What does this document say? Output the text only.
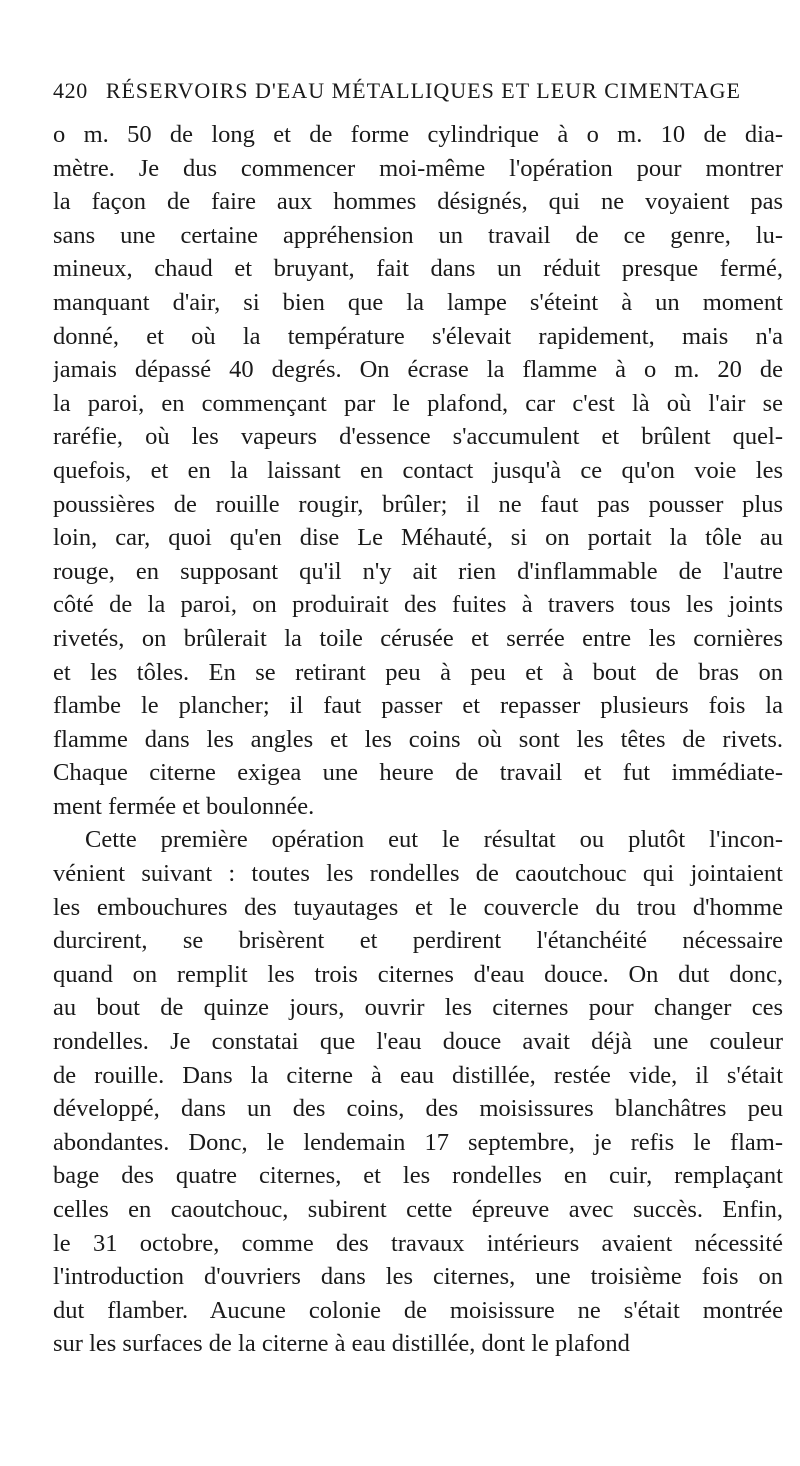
420 RÉSERVOIRS D'EAU MÉTALLIQUES ET LEUR CIMENTAGE
o m. 50 de long et de forme cylindrique à o m. 10 de dia-
mètre. Je dus commencer moi-même l'opération pour montrer
la façon de faire aux hommes désignés, qui ne voyaient pas
sans une certaine appréhension un travail de ce genre, lu-
mineux, chaud et bruyant, fait dans un réduit presque fermé,
manquant d'air, si bien que la lampe s'éteint à un moment
donné, et où la température s'élevait rapidement, mais n'a
jamais dépassé 40 degrés. On écrase la flamme à o m. 20 de
la paroi, en commençant par le plafond, car c'est là où l'air se
raréfie, où les vapeurs d'essence s'accumulent et brûlent quel-
quefois, et en la laissant en contact jusqu'à ce qu'on voie les
poussières de rouille rougir, brûler; il ne faut pas pousser plus
loin, car, quoi qu'en dise Le Méhauté, si on portait la tôle au
rouge, en supposant qu'il n'y ait rien d'inflammable de l'autre
côté de la paroi, on produirait des fuites à travers tous les joints
rivetés, on brûlerait la toile cérusée et serrée entre les cornières
et les tôles. En se retirant peu à peu et à bout de bras on
flambe le plancher; il faut passer et repasser plusieurs fois la
flamme dans les angles et les coins où sont les têtes de rivets.
Chaque citerne exigea une heure de travail et fut immédiate-
ment fermée et boulonnée.
Cette première opération eut le résultat ou plutôt l'incon-
vénient suivant : toutes les rondelles de caoutchouc qui jointaient
les embouchures des tuyautages et le couvercle du trou d'homme
durcirent, se brisèrent et perdirent l'étanchéité nécessaire
quand on remplit les trois citernes d'eau douce. On dut donc,
au bout de quinze jours, ouvrir les citernes pour changer ces
rondelles. Je constatai que l'eau douce avait déjà une couleur
de rouille. Dans la citerne à eau distillée, restée vide, il s'était
développé, dans un des coins, des moisissures blanchâtres peu
abondantes. Donc, le lendemain 17 septembre, je refis le flam-
bage des quatre citernes, et les rondelles en cuir, remplaçant
celles en caoutchouc, subirent cette épreuve avec succès. Enfin,
le 31 octobre, comme des travaux intérieurs avaient nécessité
l'introduction d'ouvriers dans les citernes, une troisième fois on
dut flamber. Aucune colonie de moisissure ne s'était montrée
sur les surfaces de la citerne à eau distillée, dont le plafond
